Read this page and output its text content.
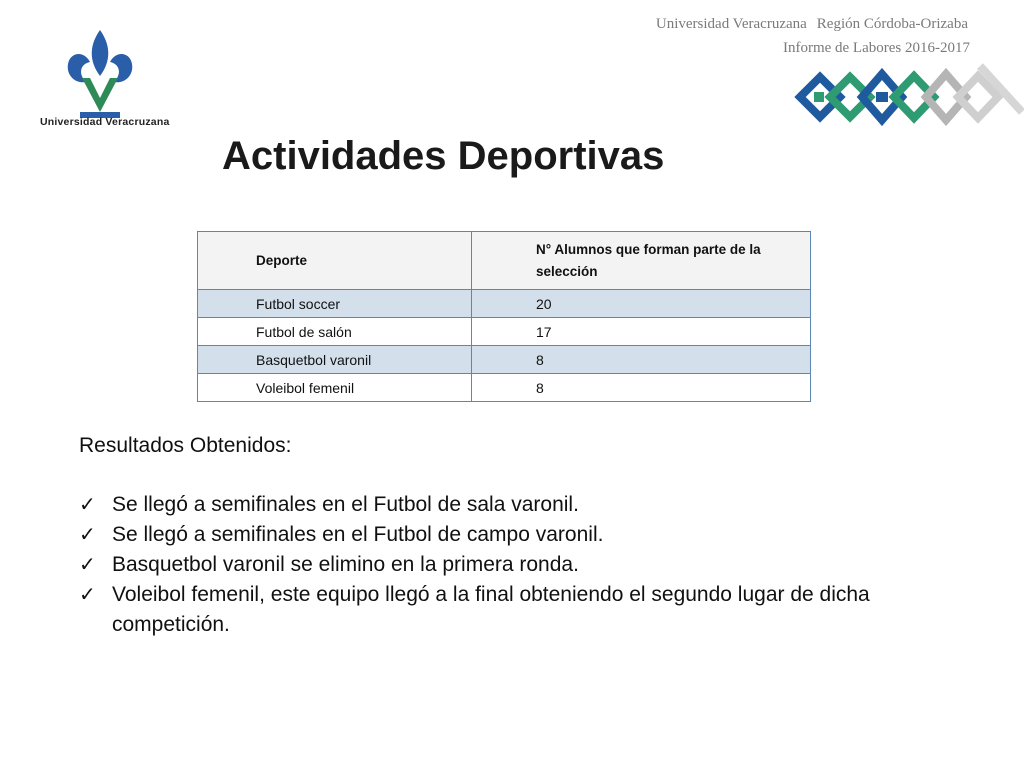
Universidad Veracruzana
Universidad Veracruzana Región Córdoba-Orizaba
Informe de Labores 2016-2017
Actividades Deportivas
Deporte	N° Alumnos que forman parte de la selección

Futbol soccer	20

Futbol de salón	17

Basquetbol varonil	8

Voleibol femenil	8
Resultados Obtenidos:
✓ Se llegó a semifinales en el Futbol de sala varonil.
✓ Se llegó a semifinales en el Futbol de campo varonil.
✓ Basquetbol varonil se elimino en la primera ronda.
✓ Voleibol femenil, este equipo llegó a la final obteniendo el segundo lugar de dicha competición.
